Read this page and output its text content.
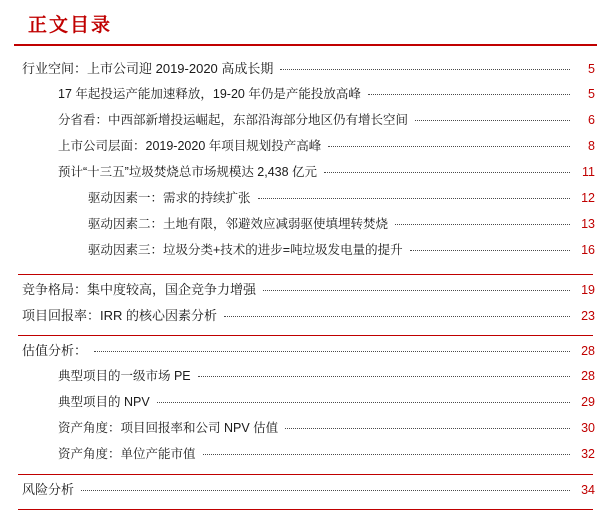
正文目录
行业空间：上市公司迎 2019-2020 高成长期	5
17 年起投运产能加速释放，19-20 年仍是产能投放高峰	5
分省看：中西部新增投运崛起，东部沿海部分地区仍有增长空间	6
上市公司层面：2019-2020 年项目规划投产高峰	8
预计“十三五”垃圾焚烧总市场规模达 2,438 亿元	11
驱动因素一：需求的持续扩张	12
驱动因素二：土地有限，邻避效应减弱驱使填埋转焚烧	13
驱动因素三：垃圾分类+技术的进步=吨垃圾发电量的提升	16
竞争格局：集中度较高，国企竞争力增强	19
项目回报率：IRR 的核心因素分析	23
估值分析：	28
典型项目的一级市场 PE	28
典型项目的 NPV	29
资产角度：项目回报率和公司 NPV 估值	30
资产角度：单位产能市值	32
风险分析	34
